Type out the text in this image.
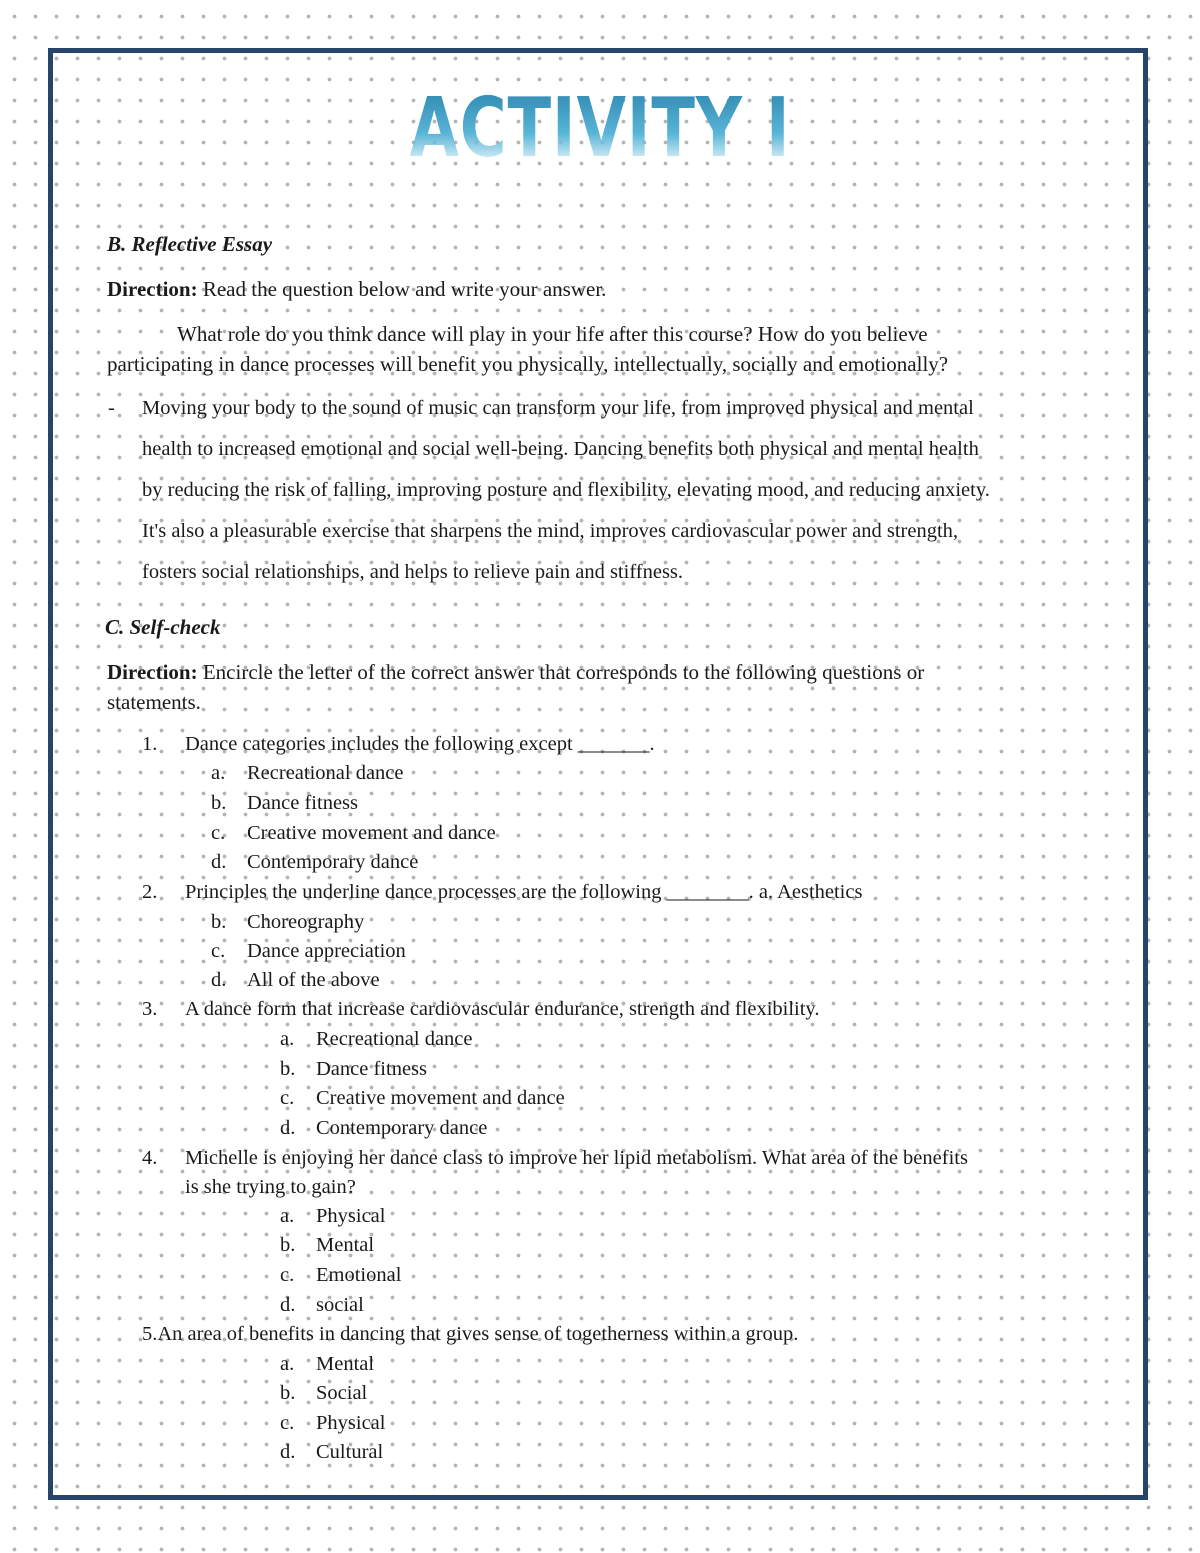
ACTIVITY I
B. Reflective Essay
Direction: Read the question below and write your answer.
What role do you think dance will play in your life after this course? How do you believe
participating in dance processes will benefit you physically, intellectually, socially and emotionally?
- Moving your body to the sound of music can transform your life, from improved physical and mental
health to increased emotional and social well-being. Dancing benefits both physical and mental health
by reducing the risk of falling, improving posture and flexibility, elevating mood, and reducing anxiety.
It's also a pleasurable exercise that sharpens the mind, improves cardiovascular power and strength,
fosters social relationships, and helps to relieve pain and stiffness.
C. Self-check
Direction: Encircle the letter of the correct answer that corresponds to the following questions or
statements.
1. Dance categories includes the following except _______.
a. Recreational dance
b. Dance fitness
c. Creative movement and dance
d. Contemporary dance
2. Principles the underline dance processes are the following ________. a. Aesthetics
b. Choreography
c. Dance appreciation
d. All of the above
3. A dance form that increase cardiovascular endurance, strength and flexibility.
a. Recreational dance
b. Dance fitness
c. Creative movement and dance
d. Contemporary dance
4. Michelle is enjoying her dance class to improve her lipid metabolism. What area of the benefits
is she trying to gain?
a. Physical
b. Mental
c. Emotional
d. social
5.An area of benefits in dancing that gives sense of togetherness within a group.
a. Mental
b. Social
c. Physical
d. Cultural
